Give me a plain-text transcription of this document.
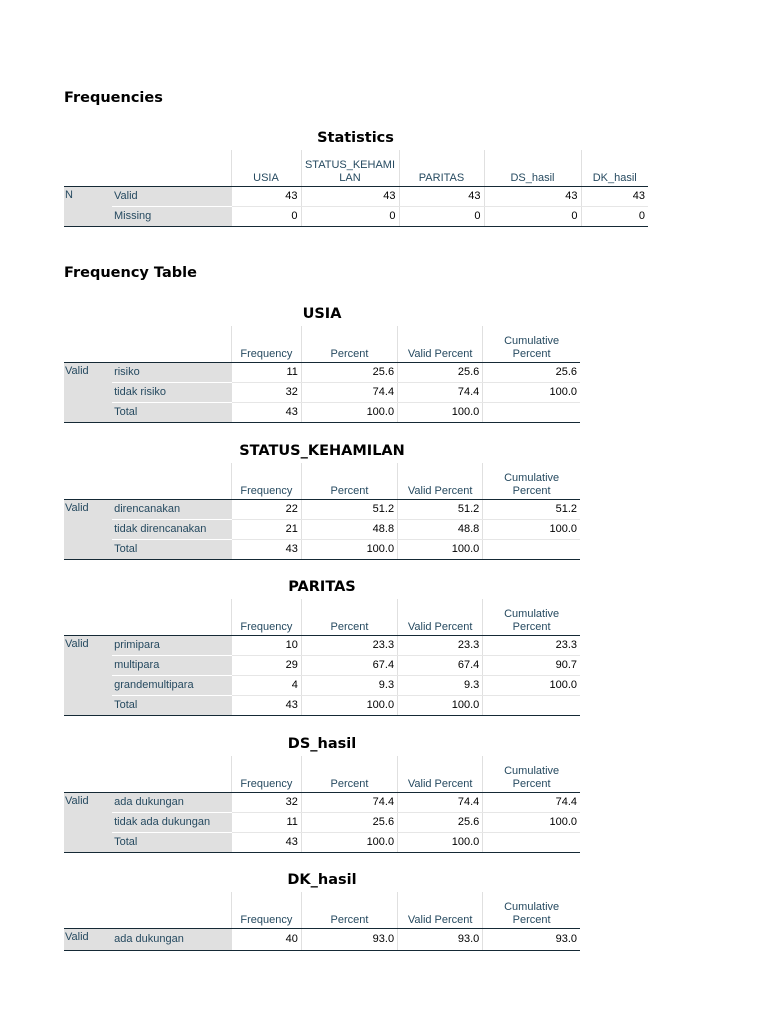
Frequencies
Statistics
		USIA	STATUS_KEHAMI LAN	PARITAS	DS_hasil	DK_hasil
N	Valid	43	43	43	43	43
	Missing	0	0	0	0	0
Frequency Table
USIA
		Frequency	Percent	Valid Percent	Cumulative Percent
Valid	risiko	11	25.6	25.6	25.6
	tidak risiko	32	74.4	74.4	100.0
	Total	43	100.0	100.0	
STATUS_KEHAMILAN
		Frequency	Percent	Valid Percent	Cumulative Percent
Valid	direncanakan	22	51.2	51.2	51.2
	tidak direncanakan	21	48.8	48.8	100.0
	Total	43	100.0	100.0	
PARITAS
		Frequency	Percent	Valid Percent	Cumulative Percent
Valid	primipara	10	23.3	23.3	23.3
	multipara	29	67.4	67.4	90.7
	grandemultipara	4	9.3	9.3	100.0
	Total	43	100.0	100.0	
DS_hasil
		Frequency	Percent	Valid Percent	Cumulative Percent
Valid	ada dukungan	32	74.4	74.4	74.4
	tidak ada dukungan	11	25.6	25.6	100.0
	Total	43	100.0	100.0	
DK_hasil
		Frequency	Percent	Valid Percent	Cumulative Percent
Valid	ada dukungan	40	93.0	93.0	93.0
